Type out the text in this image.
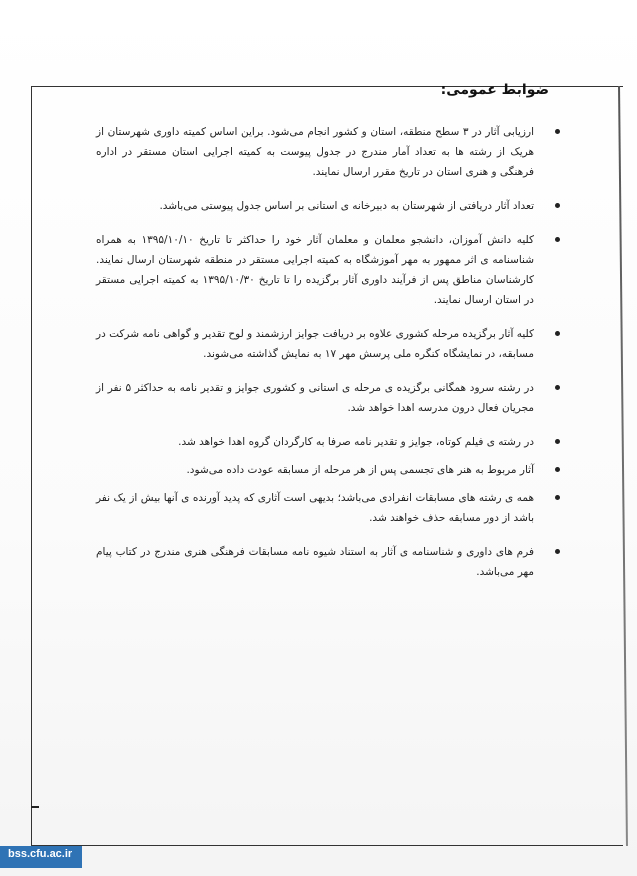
ضوابط عمومی:
ارزیابی آثار در ۳ سطح منطقه، استان و کشور انجام می‌شود. براین اساس کمیته داوری شهرستان از هریک از رشته ها به تعداد آمار مندرج در جدول پیوست به کمیته اجرایی استان مستقر در اداره فرهنگی و هنری استان در تاریخ مقرر ارسال نمایند.
تعداد آثار دریافتی از شهرستان به دبیرخانه ی استانی بر اساس جدول پیوستی می‌باشد.
کلیه دانش آموزان، دانشجو معلمان و معلمان آثار خود را حداکثر تا تاریخ ۱۳۹۵/۱۰/۱۰ به همراه شناسنامه ی اثر ممهور به مهر آموزشگاه به کمیته اجرایی مستقر در منطقه شهرستان ارسال نمایند. کارشناسان مناطق پس از فرآیند داوری آثار برگزیده را تا تاریخ ۱۳۹۵/۱۰/۳۰ به کمیته اجرایی مستقر در استان ارسال نمایند.
کلیه آثار برگزیده مرحله کشوری علاوه بر دریافت جوایز ارزشمند و لوح تقدیر و گواهی نامه شرکت در مسابقه، در نمایشگاه کنگره ملی پرسش مهر ۱۷ به نمایش گذاشته می‌شوند.
در رشته سرود همگانی برگزیده ی مرحله ی استانی و کشوری جوایز و تقدیر نامه به حداکثر ۵ نفر از مجریان فعال درون مدرسه اهدا خواهد شد.
در رشته ی فیلم کوتاه، جوایز و تقدیر نامه صرفا به کارگردان گروه اهدا خواهد شد.
آثار مربوط به هنر های تجسمی پس از هر مرحله از مسابقه عودت داده می‌شود.
همه ی رشته های مسابقات انفرادی می‌باشد؛ بدیهی است آثاری که پدید آورنده ی آنها بیش از یک نفر باشد از دور مسابقه حذف خواهند شد.
فرم های داوری و شناسنامه ی آثار به استناد شیوه نامه مسابقات فرهنگی هنری مندرج در کتاب پیام مهر می‌باشد.
bss.cfu.ac.ir
